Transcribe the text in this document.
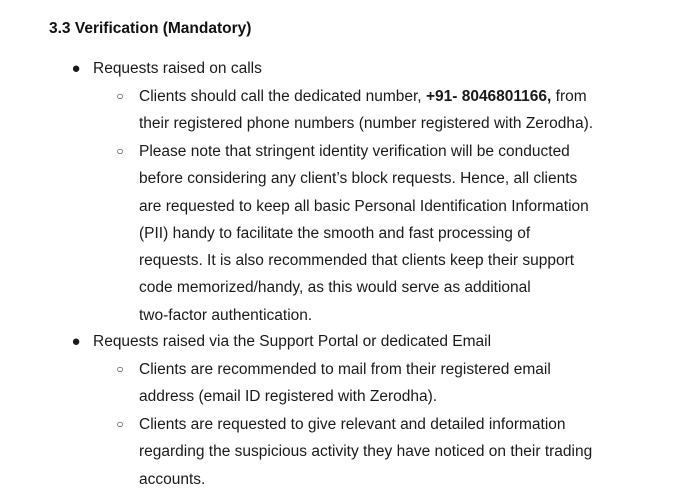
3.3 Verification (Mandatory)
● Requests raised on calls
○ Clients should call the dedicated number, +91- 8046801166, from
their registered phone numbers (number registered with Zerodha).
○ Please note that stringent identity verification will be conducted
before considering any client’s block requests. Hence, all clients
are requested to keep all basic Personal Identification Information
(PII) handy to facilitate the smooth and fast processing of
requests. It is also recommended that clients keep their support
code memorized/handy, as this would serve as additional
two-factor authentication.
● Requests raised via the Support Portal or dedicated Email
○ Clients are recommended to mail from their registered email
address (email ID registered with Zerodha).
○ Clients are requested to give relevant and detailed information
regarding the suspicious activity they have noticed on their trading
accounts.
